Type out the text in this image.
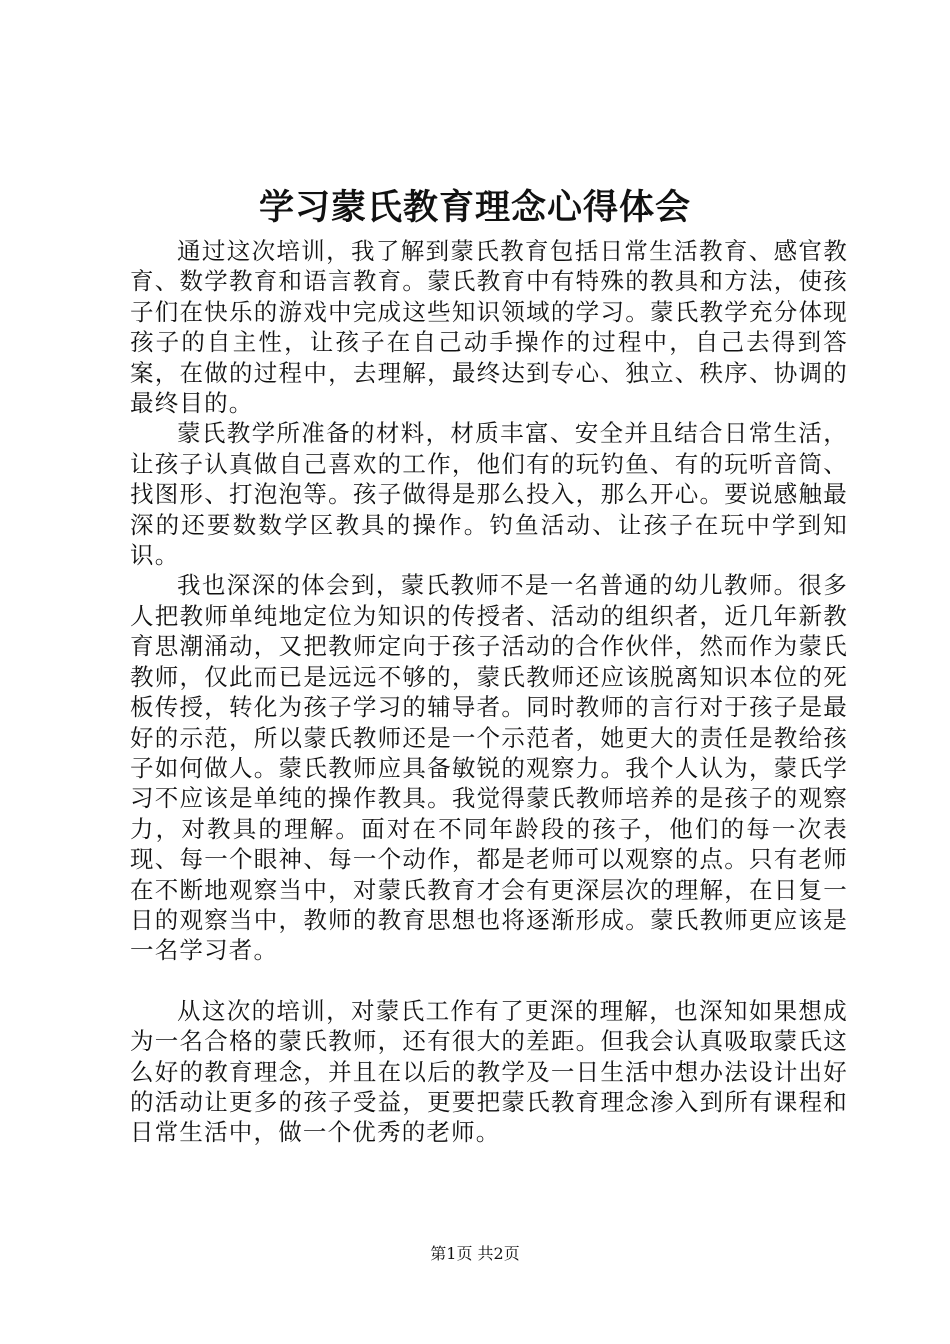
学习蒙氏教育理念心得体会

通过这次培训，我了解到蒙氏教育包括日常生活教育、感官教育、数学教育和语言教育。蒙氏教育中有特殊的教具和方法，使孩子们在快乐的游戏中完成这些知识领域的学习。蒙氏教学充分体现孩子的自主性，让孩子在自己动手操作的过程中，自己去得到答案，在做的过程中，去理解，最终达到专心、独立、秩序、协调的最终目的。

蒙氏教学所准备的材料，材质丰富、安全并且结合日常生活，让孩子认真做自己喜欢的工作，他们有的玩钓鱼、有的玩听音筒、找图形、打泡泡等。孩子做得是那么投入，那么开心。要说感触最深的还要数数学区教具的操作。钓鱼活动、让孩子在玩中学到知识。

我也深深的体会到，蒙氏教师不是一名普通的幼儿教师。很多人把教师单纯地定位为知识的传授者、活动的组织者，近几年新教育思潮涌动，又把教师定向于孩子活动的合作伙伴，然而作为蒙氏教师，仅此而已是远远不够的，蒙氏教师还应该脱离知识本位的死板传授，转化为孩子学习的辅导者。同时教师的言行对于孩子是最好的示范，所以蒙氏教师还是一个示范者，她更大的责任是教给孩子如何做人。蒙氏教师应具备敏锐的观察力。我个人认为，蒙氏学习不应该是单纯的操作教具。我觉得蒙氏教师培养的是孩子的观察力，对教具的理解。面对在不同年龄段的孩子，他们的每一次表现、每一个眼神、每一个动作，都是老师可以观察的点。只有老师在不断地观察当中，对蒙氏教育才会有更深层次的理解，在日复一日的观察当中，教师的教育思想也将逐渐形成。蒙氏教师更应该是一名学习者。

从这次的培训，对蒙氏工作有了更深的理解，也深知如果想成为一名合格的蒙氏教师，还有很大的差距。但我会认真吸取蒙氏这么好的教育理念，并且在以后的教学及一日生活中想办法设计出好的活动让更多的孩子受益，更要把蒙氏教育理念渗入到所有课程和日常生活中，做一个优秀的老师。

第1页 共2页
